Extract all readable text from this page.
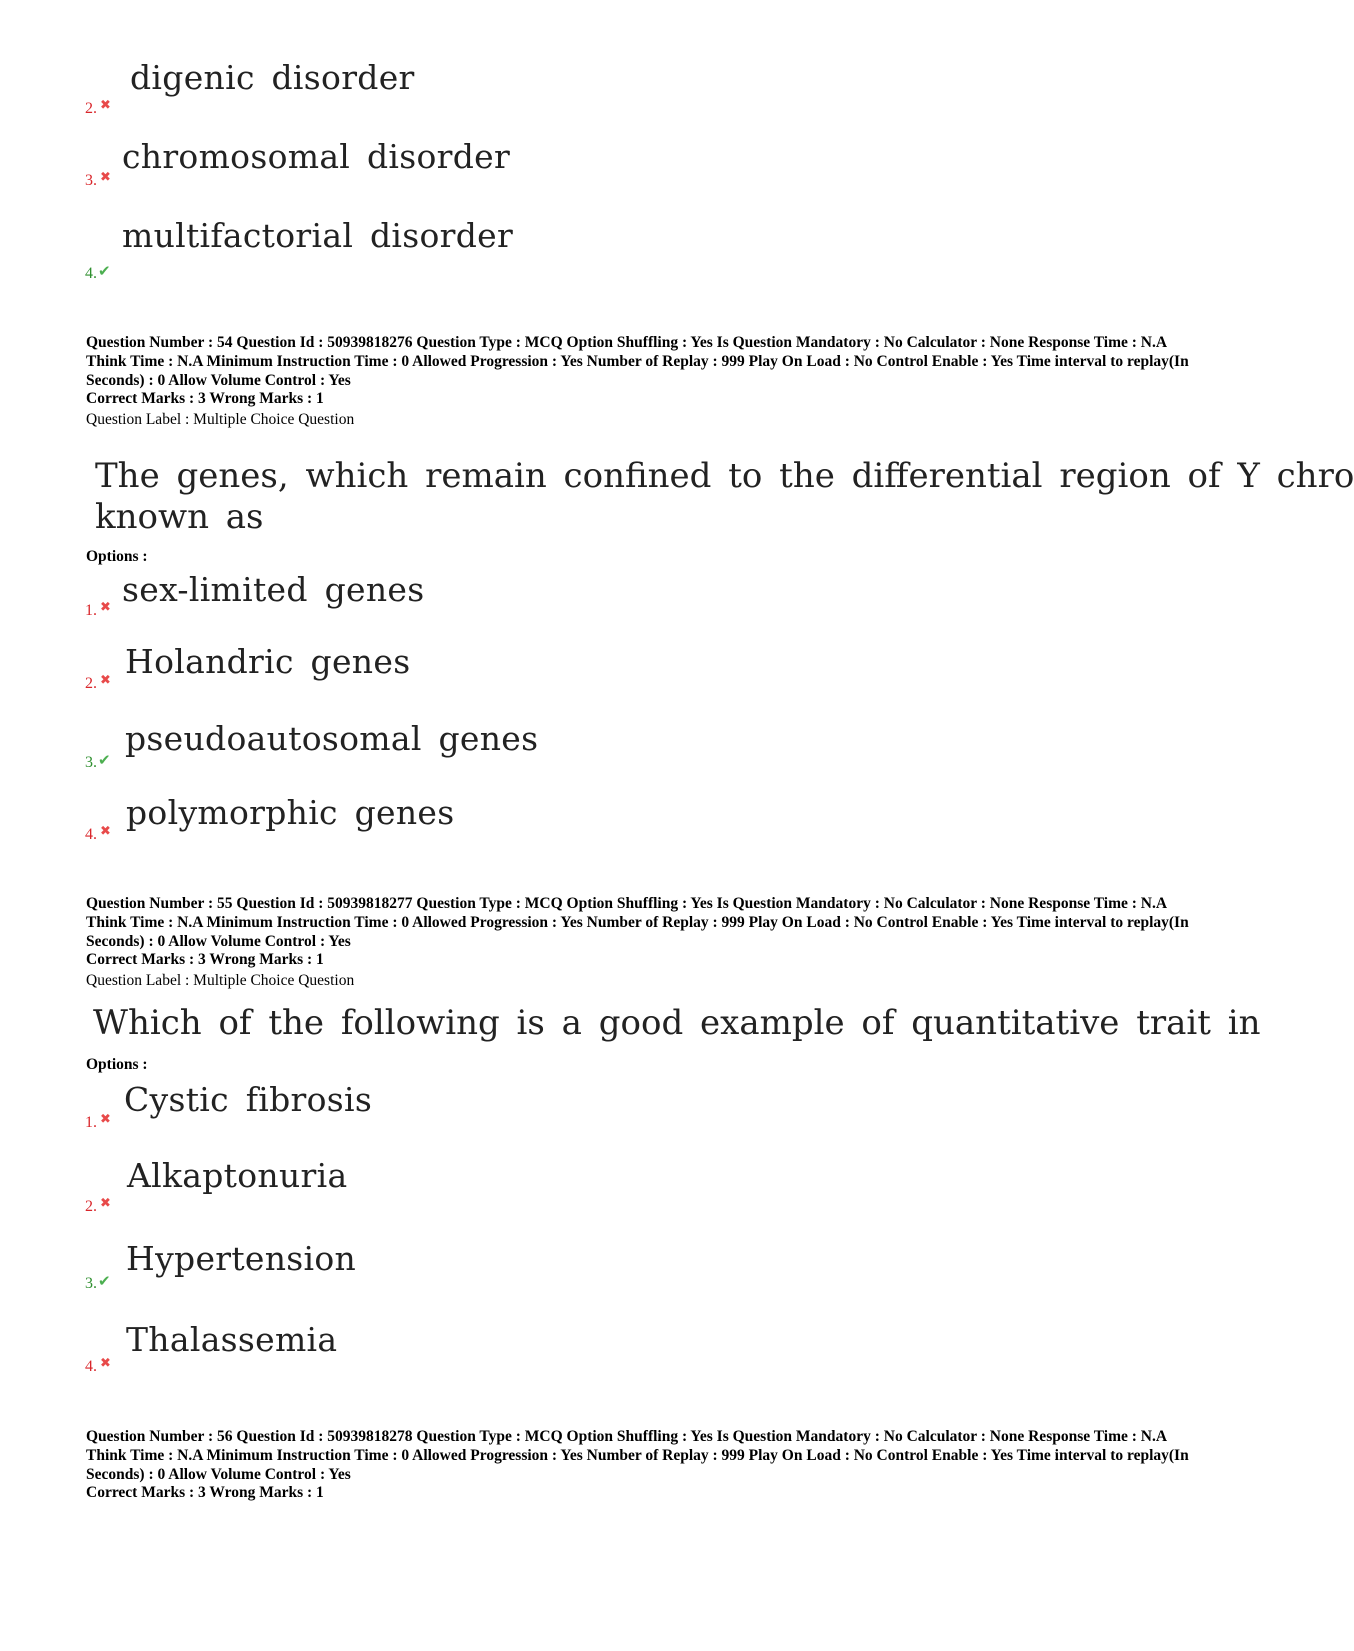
digenic disorder
2. ✖
chromosomal disorder
3. ✖
multifactorial disorder
4. ✔
Question Number : 54 Question Id : 50939818276 Question Type : MCQ Option Shuffling : Yes Is Question Mandatory : No Calculator : None Response Time : N.A Think Time : N.A Minimum Instruction Time : 0 Allowed Progression : Yes Number of Replay : 999 Play On Load : No Control Enable : Yes Time interval to replay(In Seconds) : 0 Allow Volume Control : Yes
Correct Marks : 3 Wrong Marks : 1
Question Label : Multiple Choice Question
The genes, which remain confined to the differential region of Y chro
known as
Options :
sex-limited genes
1. ✖
Holandric genes
2. ✖
pseudoautosomal genes
3. ✔
polymorphic genes
4. ✖
Question Number : 55 Question Id : 50939818277 Question Type : MCQ Option Shuffling : Yes Is Question Mandatory : No Calculator : None Response Time : N.A Think Time : N.A Minimum Instruction Time : 0 Allowed Progression : Yes Number of Replay : 999 Play On Load : No Control Enable : Yes Time interval to replay(In Seconds) : 0 Allow Volume Control : Yes
Correct Marks : 3 Wrong Marks : 1
Question Label : Multiple Choice Question
Which of the following is a good example of quantitative trait in
Options :
Cystic fibrosis
1. ✖
Alkaptonuria
2. ✖
Hypertension
3. ✔
Thalassemia
4. ✖
Question Number : 56 Question Id : 50939818278 Question Type : MCQ Option Shuffling : Yes Is Question Mandatory : No Calculator : None Response Time : N.A Think Time : N.A Minimum Instruction Time : 0 Allowed Progression : Yes Number of Replay : 999 Play On Load : No Control Enable : Yes Time interval to replay(In Seconds) : 0 Allow Volume Control : Yes
Correct Marks : 3 Wrong Marks : 1
